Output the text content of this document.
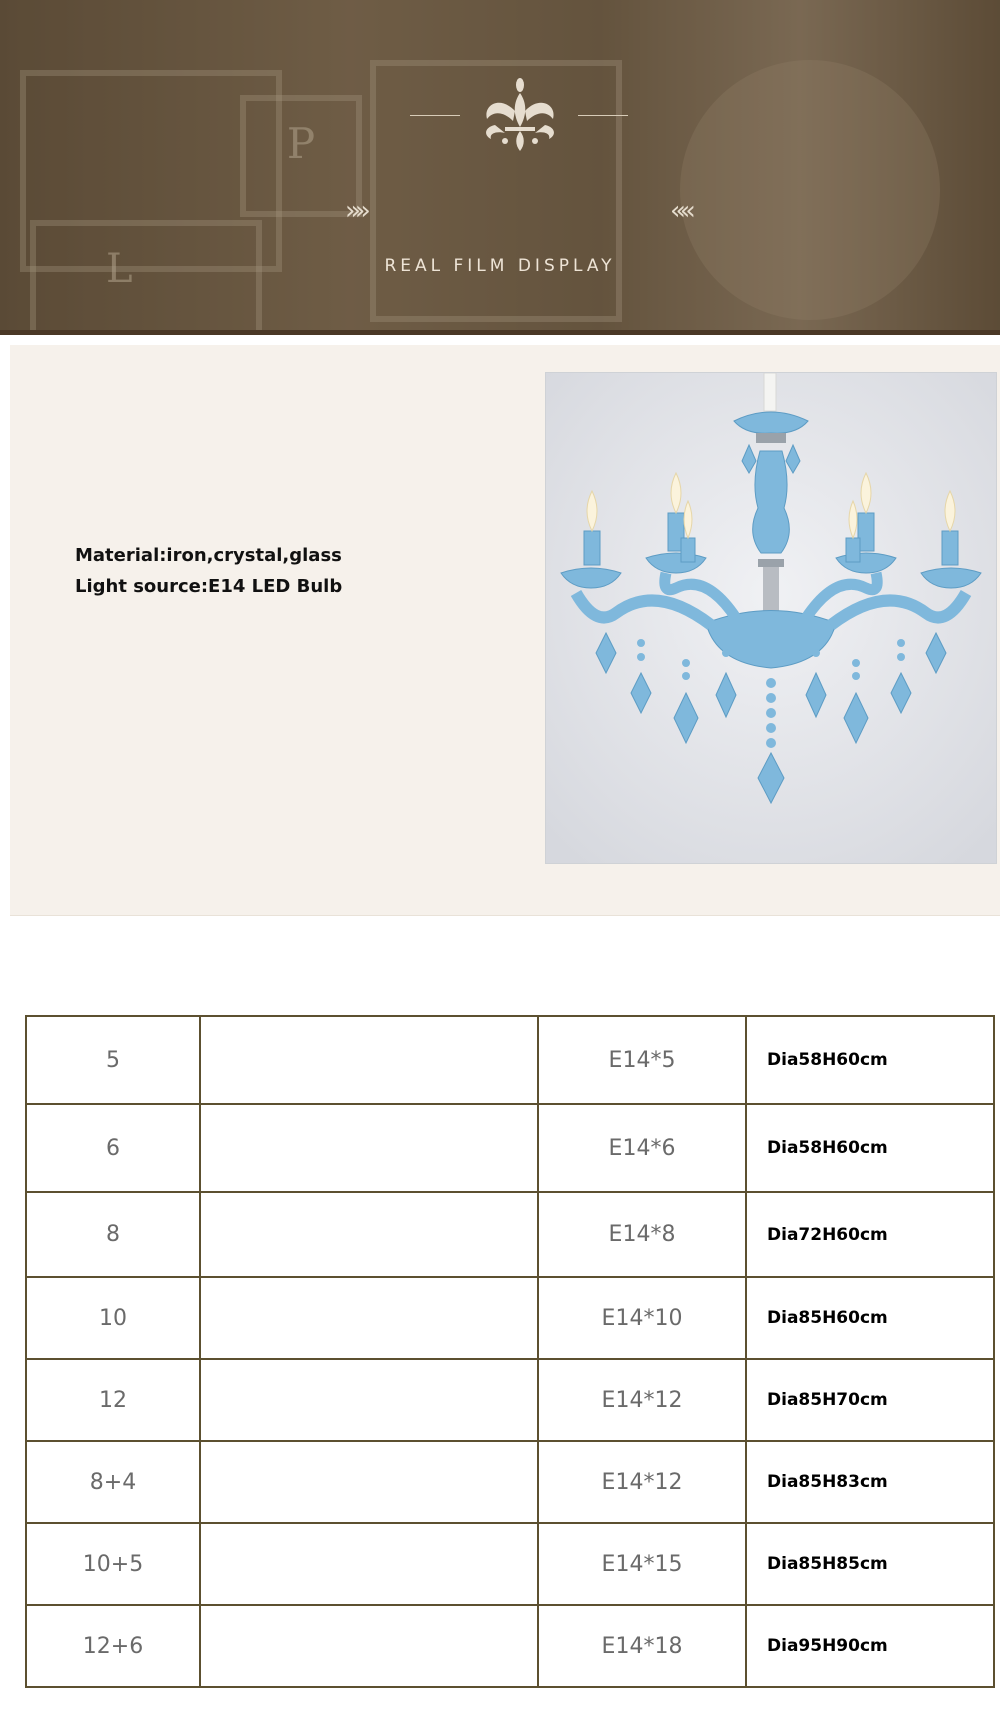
P
L
»»	««
REAL FILM DISPLAY
Material:iron,crystal,glass
Light source:E14 LED Bulb
5		E14*5	Dia58H60cm
6		E14*6	Dia58H60cm
8		E14*8	Dia72H60cm
10		E14*10	Dia85H60cm
12		E14*12	Dia85H70cm
8+4		E14*12	Dia85H83cm
10+5		E14*15	Dia85H85cm
12+6		E14*18	Dia95H90cm
